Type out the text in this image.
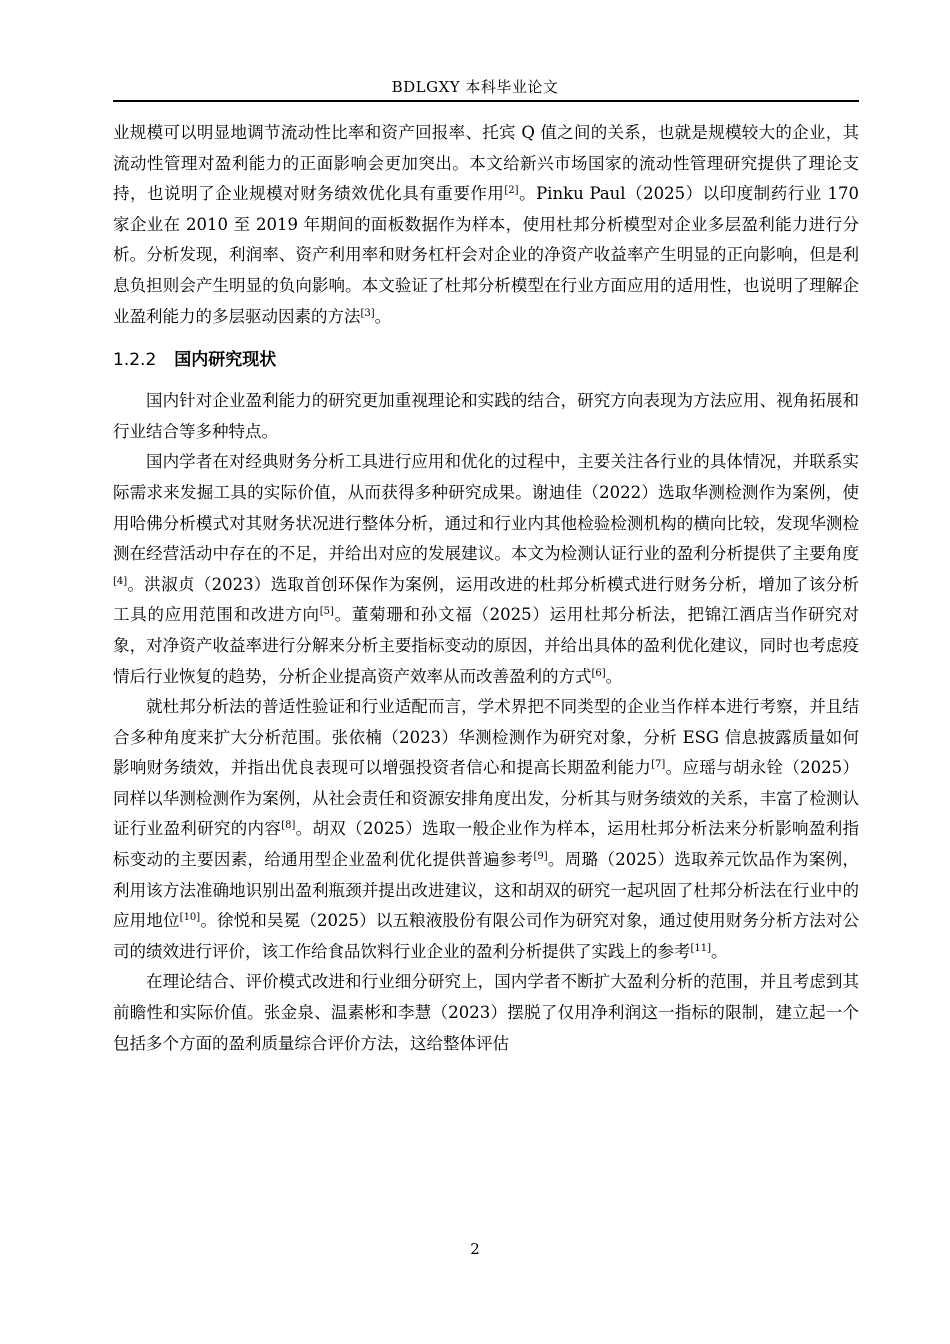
BDLGXY 本科毕业论文

业规模可以明显地调节流动性比率和资产回报率、托宾 Q 值之间的关系，也就是规模较大的企业，其流动性管理对盈利能力的正面影响会更加突出。本文给新兴市场国家的流动性管理研究提供了理论支持，也说明了企业规模对财务绩效优化具有重要作用[2]。Pinku Paul（2025）以印度制药行业 170 家企业在 2010 至 2019 年期间的面板数据作为样本，使用杜邦分析模型对企业多层盈利能力进行分析。分析发现，利润率、资产利用率和财务杠杆会对企业的净资产收益率产生明显的正向影响，但是利息负担则会产生明显的负向影响。本文验证了杜邦分析模型在行业方面应用的适用性，也说明了理解企业盈利能力的多层驱动因素的方法[3]。

1.2.2 国内研究现状

国内针对企业盈利能力的研究更加重视理论和实践的结合，研究方向表现为方法应用、视角拓展和行业结合等多种特点。

国内学者在对经典财务分析工具进行应用和优化的过程中，主要关注各行业的具体情况，并联系实际需求来发掘工具的实际价值，从而获得多种研究成果。谢迪佳（2022）选取华测检测作为案例，使用哈佛分析模式对其财务状况进行整体分析，通过和行业内其他检验检测机构的横向比较，发现华测检测在经营活动中存在的不足，并给出对应的发展建议。本文为检测认证行业的盈利分析提供了主要角度[4]。洪淑贞（2023）选取首创环保作为案例，运用改进的杜邦分析模式进行财务分析，增加了该分析工具的应用范围和改进方向[5]。董菊珊和孙文福（2025）运用杜邦分析法，把锦江酒店当作研究对象，对净资产收益率进行分解来分析主要指标变动的原因，并给出具体的盈利优化建议，同时也考虑疫情后行业恢复的趋势，分析企业提高资产效率从而改善盈利的方式[6]。

就杜邦分析法的普适性验证和行业适配而言，学术界把不同类型的企业当作样本进行考察，并且结合多种角度来扩大分析范围。张依楠（2023）华测检测作为研究对象，分析 ESG 信息披露质量如何影响财务绩效，并指出优良表现可以增强投资者信心和提高长期盈利能力[7]。应瑶与胡永铨（2025）同样以华测检测作为案例，从社会责任和资源安排角度出发，分析其与财务绩效的关系，丰富了检测认证行业盈利研究的内容[8]。胡双（2025）选取一般企业作为样本，运用杜邦分析法来分析影响盈利指标变动的主要因素，给通用型企业盈利优化提供普遍参考[9]。周璐（2025）选取养元饮品作为案例，利用该方法准确地识别出盈利瓶颈并提出改进建议，这和胡双的研究一起巩固了杜邦分析法在行业中的应用地位[10]。徐悦和吴冕（2025）以五粮液股份有限公司作为研究对象，通过使用财务分析方法对公司的绩效进行评价，该工作给食品饮料行业企业的盈利分析提供了实践上的参考[11]。

在理论结合、评价模式改进和行业细分研究上，国内学者不断扩大盈利分析的范围，并且考虑到其前瞻性和实际价值。张金泉、温素彬和李慧（2023）摆脱了仅用净利润这一指标的限制，建立起一个包括多个方面的盈利质量综合评价方法，这给整体评估

2
